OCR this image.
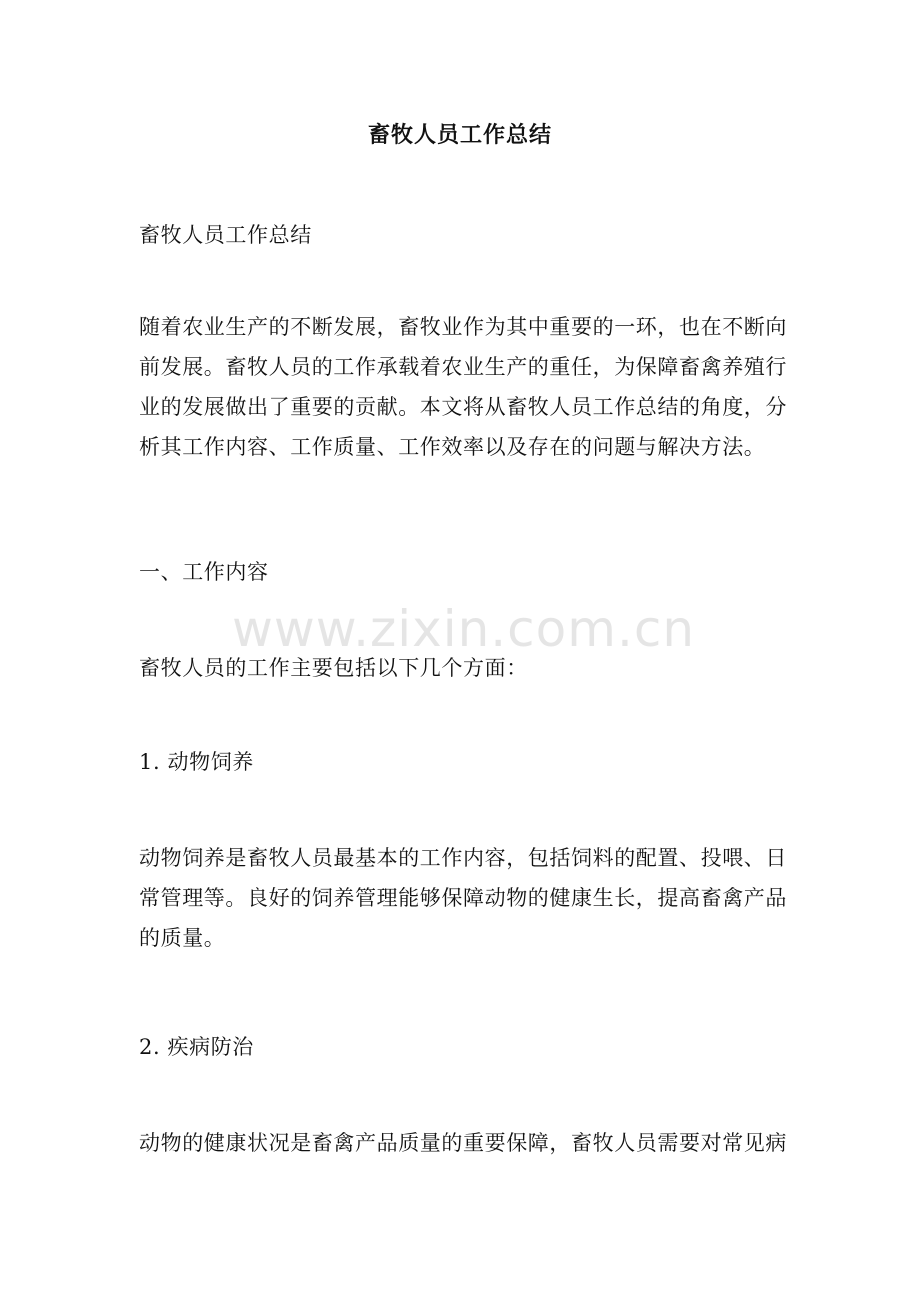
www.zixin.com.cn
畜牧人员工作总结
畜牧人员工作总结
随着农业生产的不断发展，畜牧业作为其中重要的一环，也在不断向前发展。畜牧人员的工作承载着农业生产的重任，为保障畜禽养殖行业的发展做出了重要的贡献。本文将从畜牧人员工作总结的角度，分析其工作内容、工作质量、工作效率以及存在的问题与解决方法。
一、工作内容
畜牧人员的工作主要包括以下几个方面：
1. 动物饲养
动物饲养是畜牧人员最基本的工作内容，包括饲料的配置、投喂、日常管理等。良好的饲养管理能够保障动物的健康生长，提高畜禽产品的质量。
2. 疾病防治
动物的健康状况是畜禽产品质量的重要保障，畜牧人员需要对常见病
